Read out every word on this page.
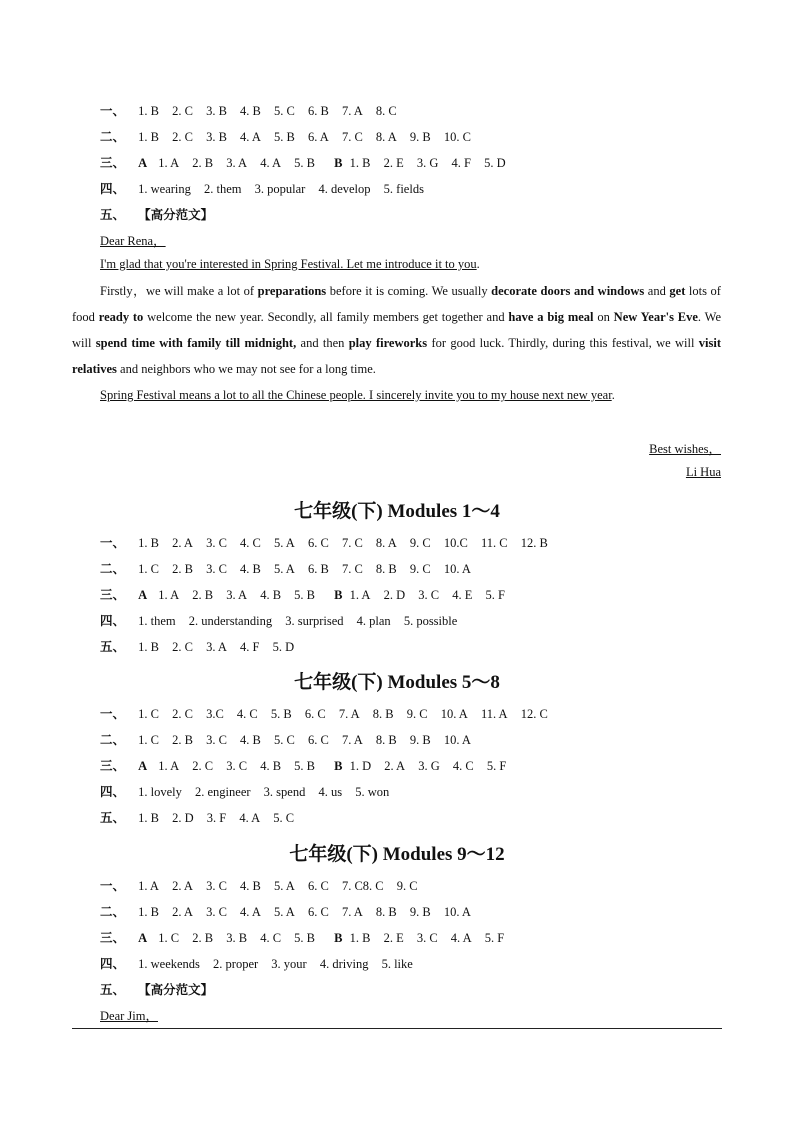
一、 1. B 2. C 3. B 4. B 5. C 6. B 7. A 8. C
二、 1. B 2. C 3. B 4. A 5. B 6. A 7. C 8. A 9. B 10. C
三、 A 1. A 2. B 3. A 4. A 5. B B 1. B 2. E 3. G 4. F 5. D
四、 1. wearing 2. them 3. popular 4. develop 5. fields
五、 【高分范文】
Dear Rena，
I'm glad that you're interested in Spring Festival. Let me introduce it to you.
Firstly，we will make a lot of preparations before it is coming. We usually decorate doors and windows and get lots of food ready to welcome the new year. Secondly, all family members get together and have a big meal on New Year's Eve. We will spend time with family till midnight, and then play fireworks for good luck. Thirdly, during this festival, we will visit relatives and neighbors who we may not see for a long time.
Spring Festival means a lot to all the Chinese people. I sincerely invite you to my house next new year.
Best wishes，
Li Hua
七年级(下) Modules 1～4
一、 1. B 2. A 3. C 4. C 5. A 6. C 7. C 8. A 9. C 10.C 11. C 12. B
二、 1. C 2. B 3. C 4. B 5. A 6. B 7. C 8. B 9. C 10. A
三、 A 1. A 2. B 3. A 4. B 5. B B 1. A 2. D 3. C 4. E 5. F
四、 1. them 2. understanding 3. surprised 4. plan 5. possible
五、 1. B 2. C 3. A 4. F 5. D
七年级(下) Modules 5～8
一、 1. C 2. C 3.C 4. C 5. B 6. C 7. A 8. B 9. C 10. A 11. A 12. C
二、 1. C 2. B 3. C 4. B 5. C 6. C 7. A 8. B 9. B 10. A
三、 A 1. A 2. C 3. C 4. B 5. B B 1. D 2. A 3. G 4. C 5. F
四、 1. lovely 2. engineer 3. spend 4. us 5. won
五、 1. B 2. D 3. F 4. A 5. C
七年级(下) Modules 9～12
一、 1. A 2. A 3. C 4. B 5. A 6. C 7. C8. C 9. C
二、 1. B 2. A 3. C 4. A 5. A 6. C 7. A 8. B 9. B 10. A
三、 A 1. C 2. B 3. B 4. C 5. B B 1. B 2. E 3. C 4. A 5. F
四、 1. weekends 2. proper 3. your 4. driving 5. like
五、 【高分范文】
Dear Jim，
